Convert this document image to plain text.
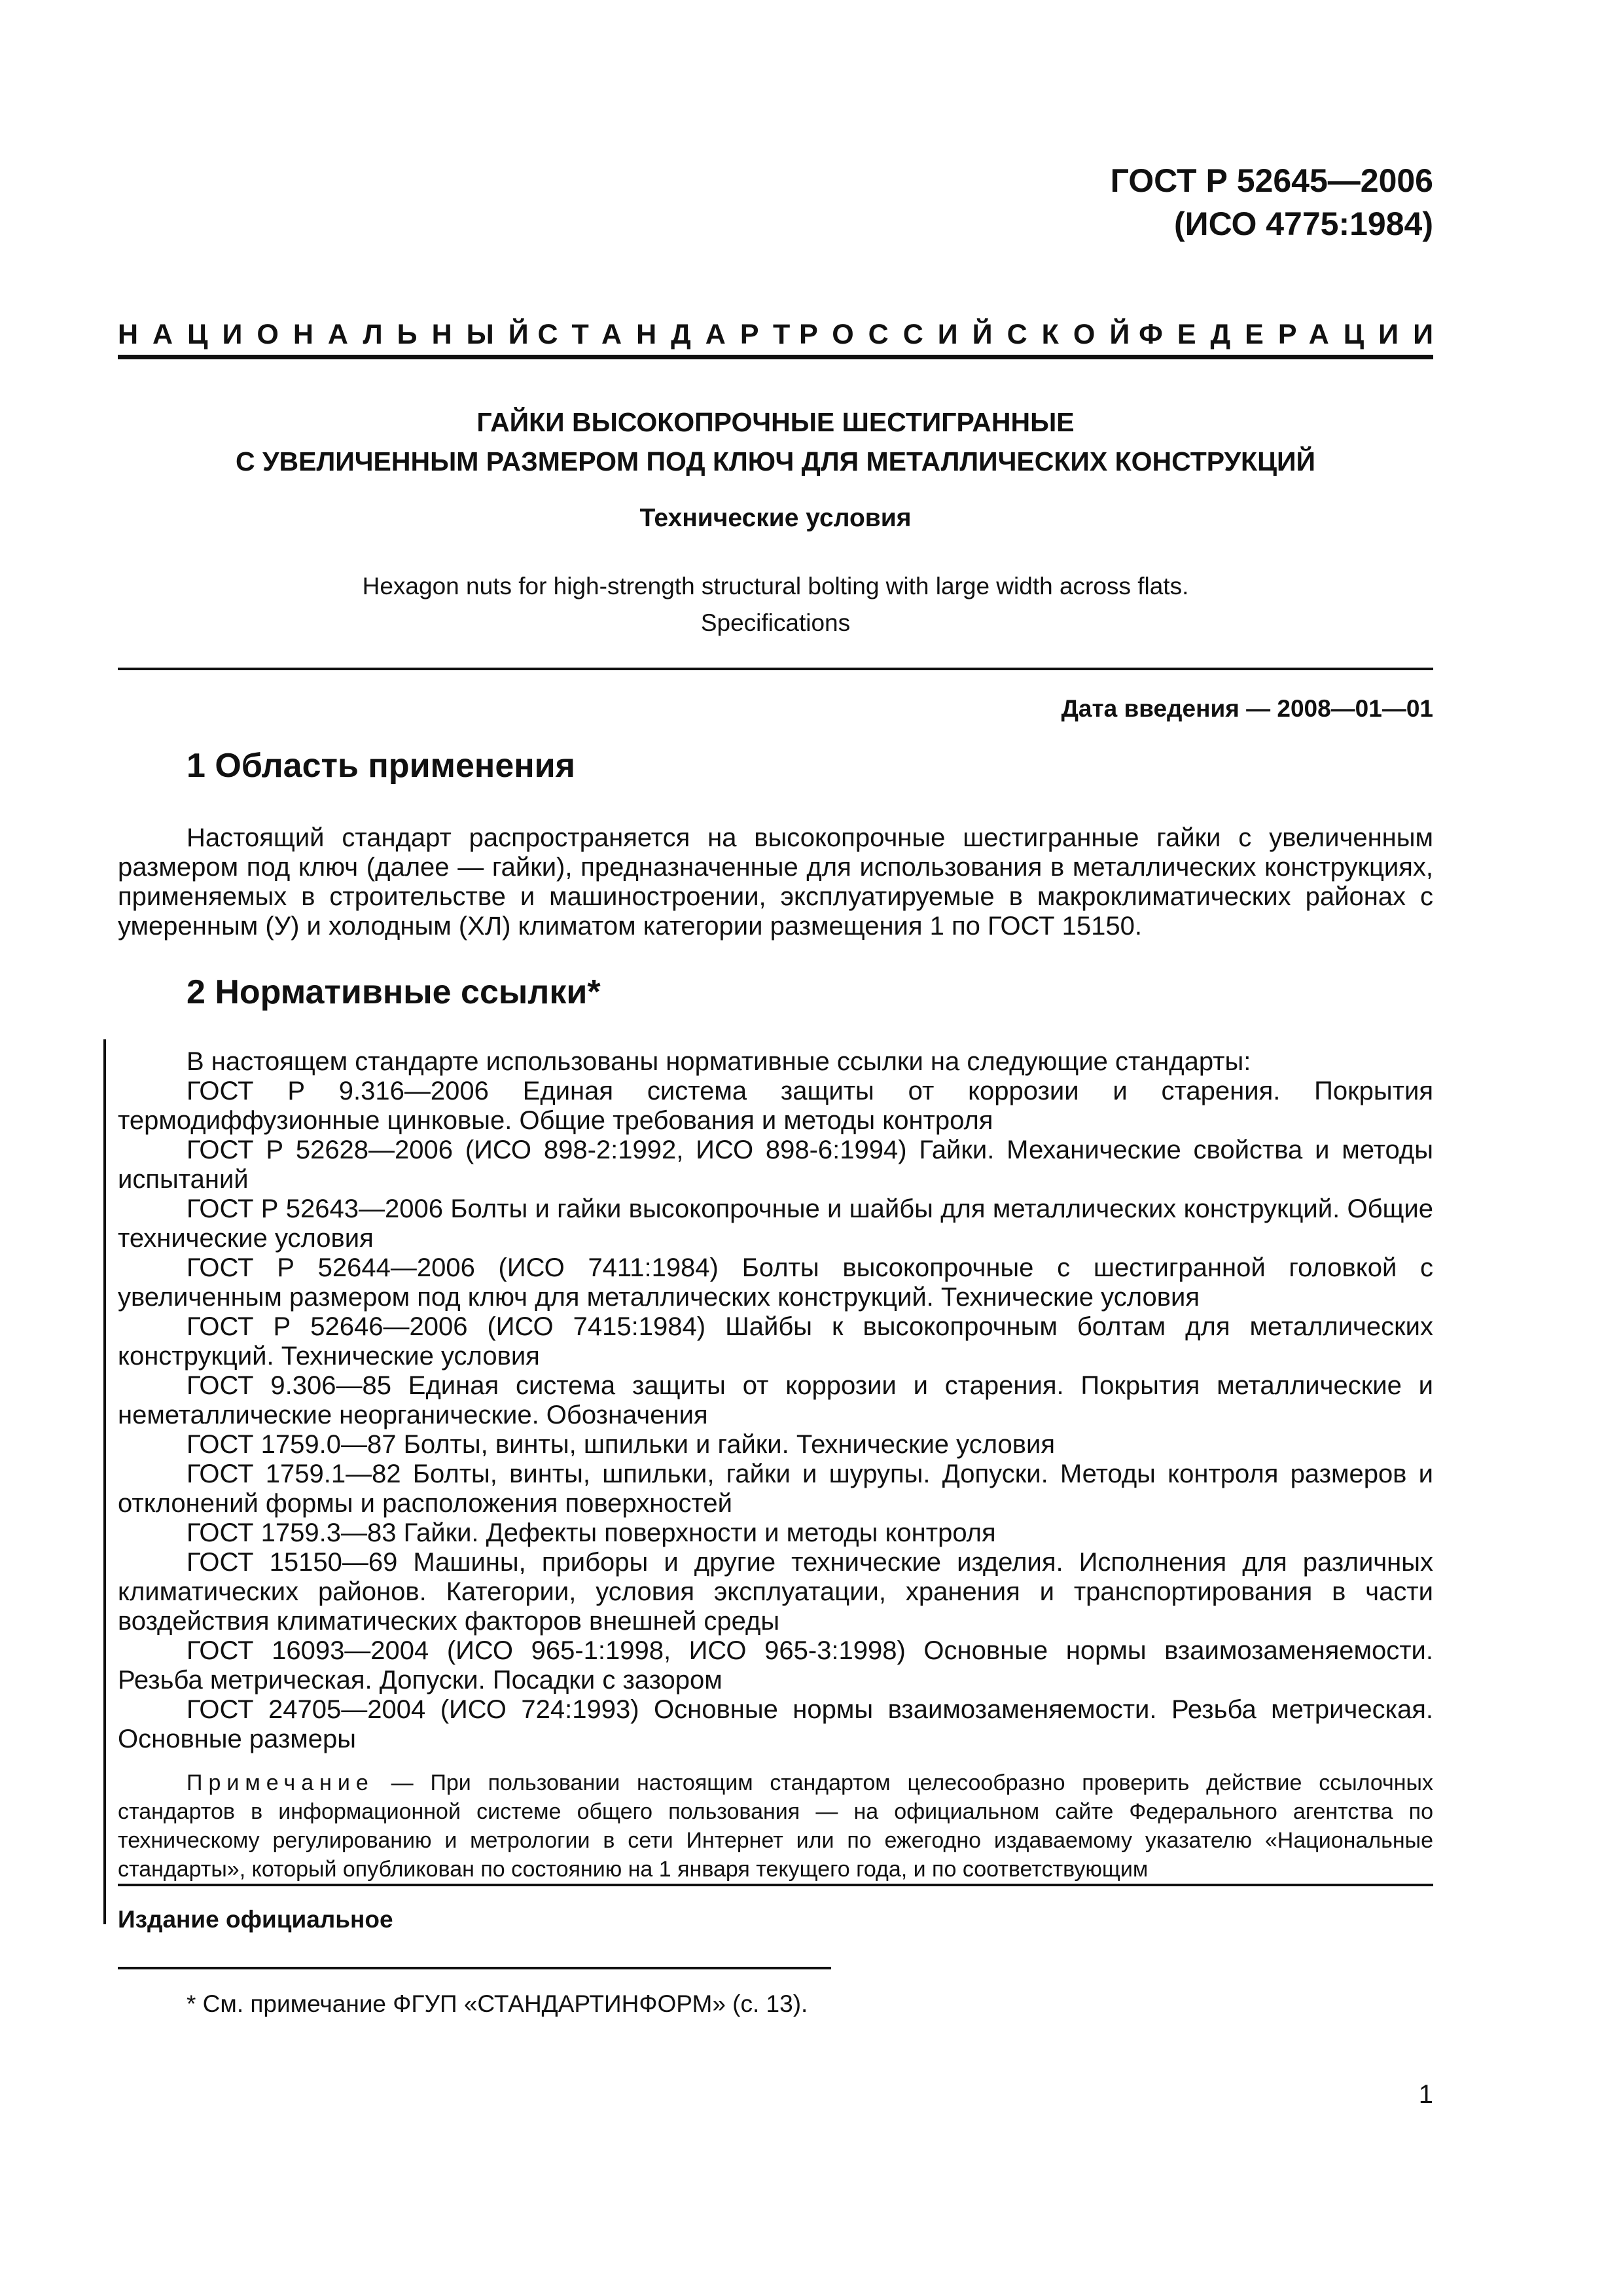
ГОСТ Р 52645—2006
(ИСО 4775:1984)
НАЦИОНАЛЬНЫЙ
СТАНДАРТ
РОССИЙСКОЙ
ФЕДЕРАЦИИ
ГАЙКИ ВЫСОКОПРОЧНЫЕ ШЕСТИГРАННЫЕ
С УВЕЛИЧЕННЫМ РАЗМЕРОМ ПОД КЛЮЧ ДЛЯ МЕТАЛЛИЧЕСКИХ КОНСТРУКЦИЙ
Технические условия
Hexagon nuts for high-strength structural bolting with large width across flats.
Specifications
Дата введения — 2008—01—01
1 Область применения

Настоящий стандарт распространяется на высокопрочные шестигранные гайки с увеличенным размером под ключ (далее — гайки), предназначенные для использования в металлических конструкциях, применяемых в строительстве и машиностроении, эксплуатируемые в макроклиматических районах с умеренным (У) и холодным (ХЛ) климатом категории размещения 1 по ГОСТ 15150.

2 Нормативные ссылки*

В настоящем стандарте использованы нормативные ссылки на следующие стандарты:

ГОСТ Р 9.316—2006 Единая система защиты от коррозии и старения. Покрытия термодиффузионные цинковые. Общие требования и методы контроля

ГОСТ Р 52628—2006 (ИСО 898-2:1992, ИСО 898-6:1994) Гайки. Механические свойства и методы испытаний

ГОСТ Р 52643—2006 Болты и гайки высокопрочные и шайбы для металлических конструкций. Общие технические условия

ГОСТ Р 52644—2006 (ИСО 7411:1984) Болты высокопрочные с шестигранной головкой с увеличенным размером под ключ для металлических конструкций. Технические условия

ГОСТ Р 52646—2006 (ИСО 7415:1984) Шайбы к высокопрочным болтам для металлических конструкций. Технические условия

ГОСТ 9.306—85 Единая система защиты от коррозии и старения. Покрытия металлические и неметаллические неорганические. Обозначения

ГОСТ 1759.0—87 Болты, винты, шпильки и гайки. Технические условия

ГОСТ 1759.1—82 Болты, винты, шпильки, гайки и шурупы. Допуски. Методы контроля размеров и отклонений формы и расположения поверхностей

ГОСТ 1759.3—83 Гайки. Дефекты поверхности и методы контроля

ГОСТ 15150—69 Машины, приборы и другие технические изделия. Исполнения для различных климатических районов. Категории, условия эксплуатации, хранения и транспортирования в части воздействия климатических факторов внешней среды

ГОСТ 16093—2004 (ИСО 965-1:1998, ИСО 965-3:1998) Основные нормы взаимозаменяемости. Резьба метрическая. Допуски. Посадки с зазором

ГОСТ 24705—2004 (ИСО 724:1993) Основные нормы взаимозаменяемости. Резьба метрическая. Основные размеры

Примечание — При пользовании настоящим стандартом целесообразно проверить действие ссылочных стандартов в информационной системе общего пользования — на официальном сайте Федерального агентства по техническому регулированию и метрологии в сети Интернет или по ежегодно издаваемому указателю «Национальные стандарты», который опубликован по состоянию на 1 января текущего года, и по соответствующим

Издание официальное
* См. примечание ФГУП «СТАНДАРТИНФОРМ» (с. 13).
1
